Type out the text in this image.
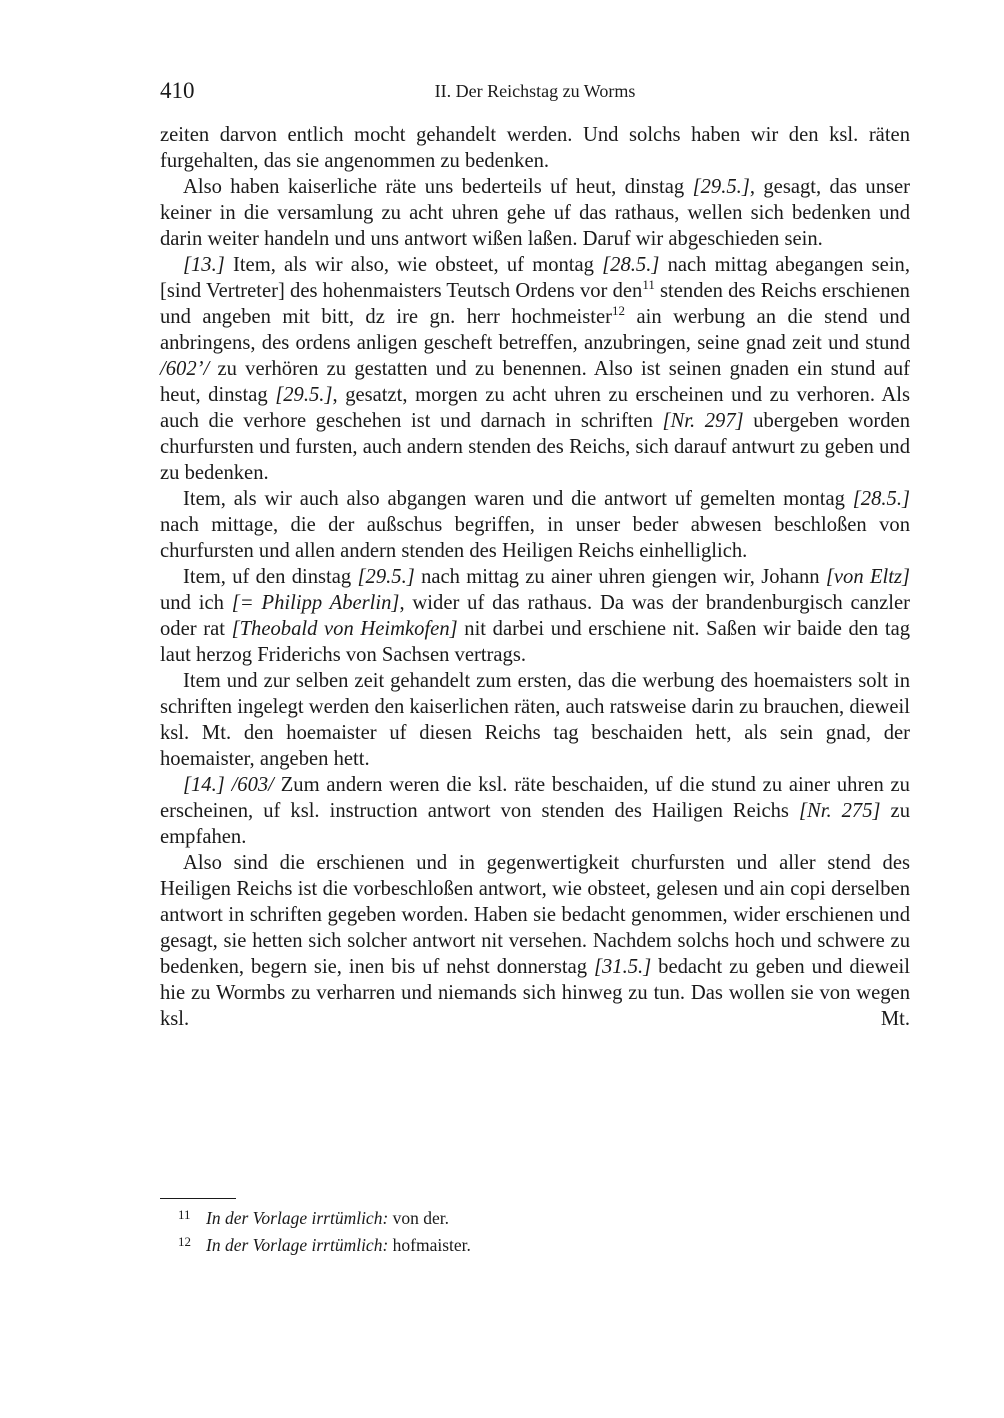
410	II. Der Reichstag zu Worms

zeiten darvon entlich mocht gehandelt werden. Und solchs haben wir den ksl. räten furgehalten, das sie angenommen zu bedenken.

Also haben kaiserliche räte uns bederteils uf heut, dinstag [29.5.], gesagt, das unser keiner in die versamlung zu acht uhren gehe uf das rathaus, wellen sich bedenken und darin weiter handeln und uns antwort wißen laßen. Daruf wir abgeschieden sein.

[13.] Item, als wir also, wie obsteet, uf montag [28.5.] nach mittag abegangen sein, [sind Vertreter] des hohenmaisters Teutsch Ordens vor den$^{11}$ stenden des Reichs erschienen und angeben mit bitt, dz ire gn. herr hochmeister$^{12}$ ain werbung an die stend und anbringens, des ordens anligen gescheft betreffen, anzubringen, seine gnad zeit und stund /602’/ zu verhören zu gestatten und zu benennen. Also ist seinen gnaden ein stund auf heut, dinstag [29.5.], gesatzt, morgen zu acht uhren zu erscheinen und zu verhoren. Als auch die verhore geschehen ist und darnach in schriften [Nr. 297] ubergeben worden churfursten und fursten, auch andern stenden des Reichs, sich darauf antwurt zu geben und zu bedenken.

Item, als wir auch also abgangen waren und die antwort uf gemelten montag [28.5.] nach mittage, die der außschus begriffen, in unser beder abwesen beschloßen von churfursten und allen andern stenden des Heiligen Reichs einhelliglich.

Item, uf den dinstag [29.5.] nach mittag zu ainer uhren giengen wir, Johann [von Eltz] und ich [= Philipp Aberlin], wider uf das rathaus. Da was der brandenburgisch canzler oder rat [Theobald von Heimkofen] nit darbei und erschiene nit. Saßen wir baide den tag laut herzog Friderichs von Sachsen vertrags.

Item und zur selben zeit gehandelt zum ersten, das die werbung des hoemaisters solt in schriften ingelegt werden den kaiserlichen räten, auch ratsweise darin zu brauchen, dieweil ksl. Mt. den hoemaister uf diesen Reichs tag beschaiden hett, als sein gnad, der hoemaister, angeben hett.

[14.] /603/ Zum andern weren die ksl. räte beschaiden, uf die stund zu ainer uhren zu erscheinen, uf ksl. instruction antwort von stenden des Hailigen Reichs [Nr. 275] zu empfahen.

Also sind die erschienen und in gegenwertigkeit churfursten und aller stend des Heiligen Reichs ist die vorbeschloßen antwort, wie obsteet, gelesen und ain copi derselben antwort in schriften gegeben worden. Haben sie bedacht genommen, wider erschienen und gesagt, sie hetten sich solcher antwort nit versehen. Nachdem solchs hoch und schwere zu bedenken, begern sie, inen bis uf nehst donnerstag [31.5.] bedacht zu geben und dieweil hie zu Wormbs zu verharren und niemands sich hinweg zu tun. Das wollen sie von wegen ksl. Mt.

11 In der Vorlage irrtümlich: von der.
12 In der Vorlage irrtümlich: hofmaister.
